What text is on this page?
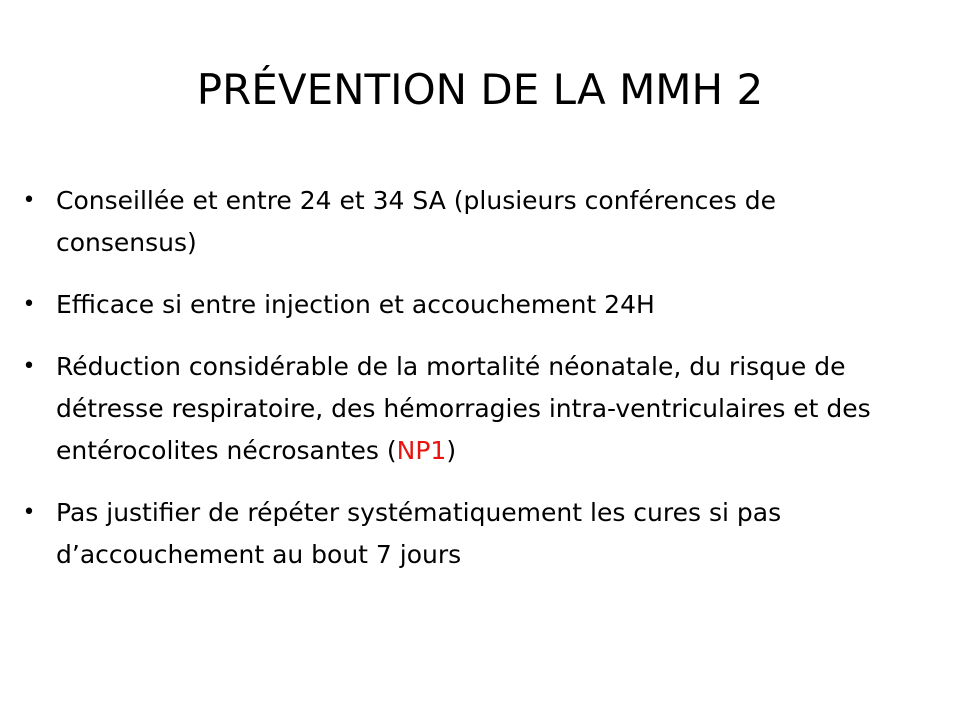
PRÉVENTION DE LA MMH 2
• Conseillée et entre 24 et 34 SA (plusieurs conférences de consensus)
• Efficace si entre injection et accouchement 24H
• Réduction considérable de la mortalité néonatale, du risque de détresse respiratoire, des hémorragies intra-ventriculaires et des entérocolites nécrosantes (NP1)
• Pas justifier de répéter systématiquement les cures si pas d’accouchement au bout 7 jours
